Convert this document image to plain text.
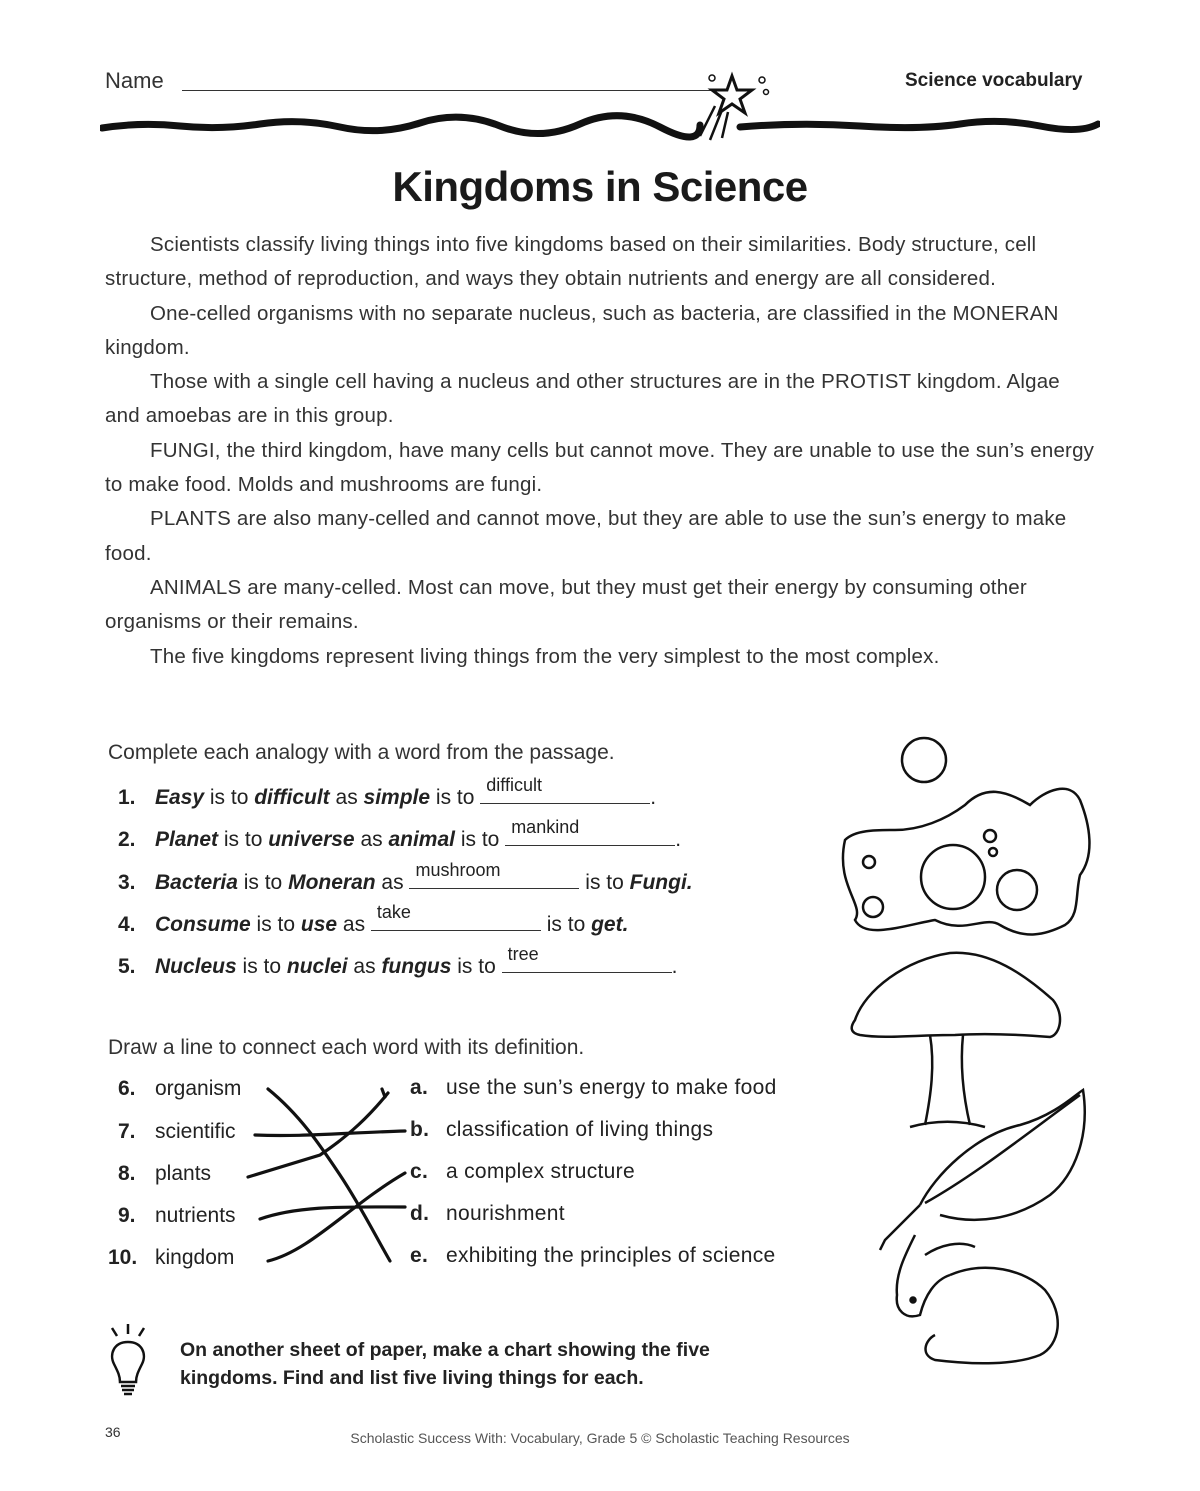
Name	Science vocabulary
Kingdoms in Science

Scientists classify living things into five kingdoms based on their similarities. Body structure, cell structure, method of reproduction, and ways they obtain nutrients and energy are all considered.

One-celled organisms with no separate nucleus, such as bacteria, are classified in the MONERAN kingdom.

Those with a single cell having a nucleus and other structures are in the PROTIST kingdom. Algae and amoebas are in this group.

FUNGI, the third kingdom, have many cells but cannot move. They are unable to use the sun’s energy to make food. Molds and mushrooms are fungi.

PLANTS are also many-celled and cannot move, but they are able to use the sun’s energy to make food.

ANIMALS are many-celled. Most can move, but they must get their energy by consuming other organisms or their remains.

The five kingdoms represent living things from the very simplest to the most complex.

Complete each analogy with a word from the passage.
1. Easy is to difficult as simple is to
difficult
.
2. Planet is to universe as animal is to
mankind
.
3. Bacteria is to Moneran as
mushroom
is to Fungi.
4. Consume is to use as
take
is to get.
5. Nucleus is to nuclei as fungus is to
tree
.
Draw a line to connect each word with its definition.
6. organism
7. scientific
8. plants
9. nutrients
10. kingdom
a. use the sun’s energy to make food
b. classification of living things
c. a complex structure
d. nourishment
e. exhibiting the principles of science
On another sheet of paper, make a chart showing the five
kingdoms. Find and list five living things for each.
36	Scholastic Success With: Vocabulary, Grade 5 © Scholastic Teaching Resources
